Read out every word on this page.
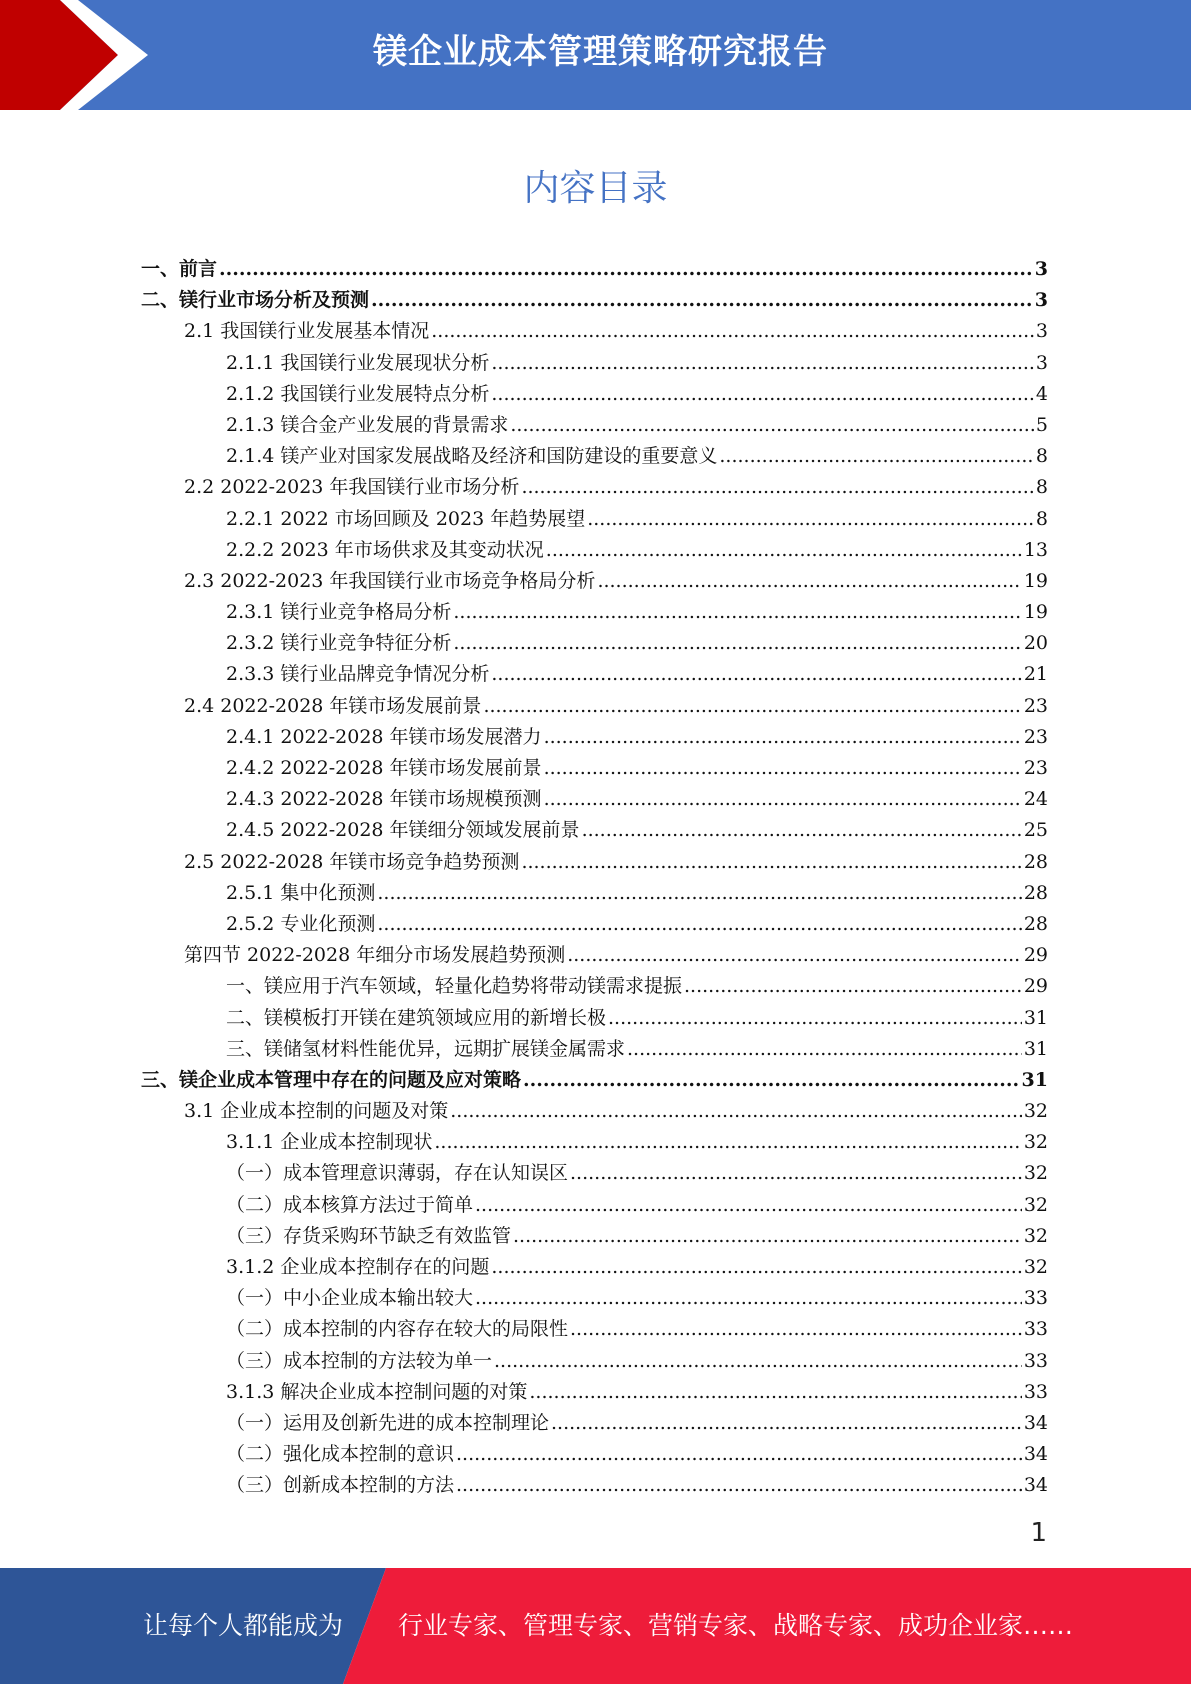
镁企业成本管理策略研究报告
内容目录
一、前言 .....	3
二、镁行业市场分析及预测 .....	3
2.1 我国镁行业发展基本情况 .....	3
2.1.1 我国镁行业发展现状分析 .....	3
2.1.2 我国镁行业发展特点分析 .....	4
2.1.3 镁合金产业发展的背景需求 .....	5
2.1.4 镁产业对国家发展战略及经济和国防建设的重要意义 .....	8
2.2 2022-2023 年我国镁行业市场分析 .....	8
2.2.1 2022 市场回顾及 2023 年趋势展望 .....	8
2.2.2 2023 年市场供求及其变动状况 .....	13
2.3 2022-2023 年我国镁行业市场竞争格局分析 .....	19
2.3.1 镁行业竞争格局分析 .....	19
2.3.2 镁行业竞争特征分析 .....	20
2.3.3 镁行业品牌竞争情况分析 .....	21
2.4 2022-2028 年镁市场发展前景 .....	23
2.4.1 2022-2028 年镁市场发展潜力 .....	23
2.4.2 2022-2028 年镁市场发展前景 .....	23
2.4.3 2022-2028 年镁市场规模预测 .....	24
2.4.5 2022-2028 年镁细分领域发展前景 .....	25
2.5 2022-2028 年镁市场竞争趋势预测 .....	28
2.5.1 集中化预测 .....	28
2.5.2 专业化预测 .....	28
第四节 2022-2028 年细分市场发展趋势预测 .....	29
一、镁应用于汽车领域，轻量化趋势将带动镁需求提振 .....	29
二、镁模板打开镁在建筑领域应用的新增长极 .....	31
三、镁储氢材料性能优异，远期扩展镁金属需求 .....	31
三、镁企业成本管理中存在的问题及应对策略 .....	31
3.1 企业成本控制的问题及对策 .....	32
3.1.1 企业成本控制现状 .....	32
（一）成本管理意识薄弱，存在认知误区 .....	32
（二）成本核算方法过于简单 .....	32
（三）存货采购环节缺乏有效监管 .....	32
3.1.2 企业成本控制存在的问题 .....	32
（一）中小企业成本输出较大 .....	33
（二）成本控制的内容存在较大的局限性 .....	33
（三）成本控制的方法较为单一 .....	33
3.1.3 解决企业成本控制问题的对策 .....	33
（一）运用及创新先进的成本控制理论 .....	34
（二）强化成本控制的意识 .....	34
（三）创新成本控制的方法 .....	34
1
让每个人都能成为 行业专家、管理专家、营销专家、战略专家、成功企业家……
